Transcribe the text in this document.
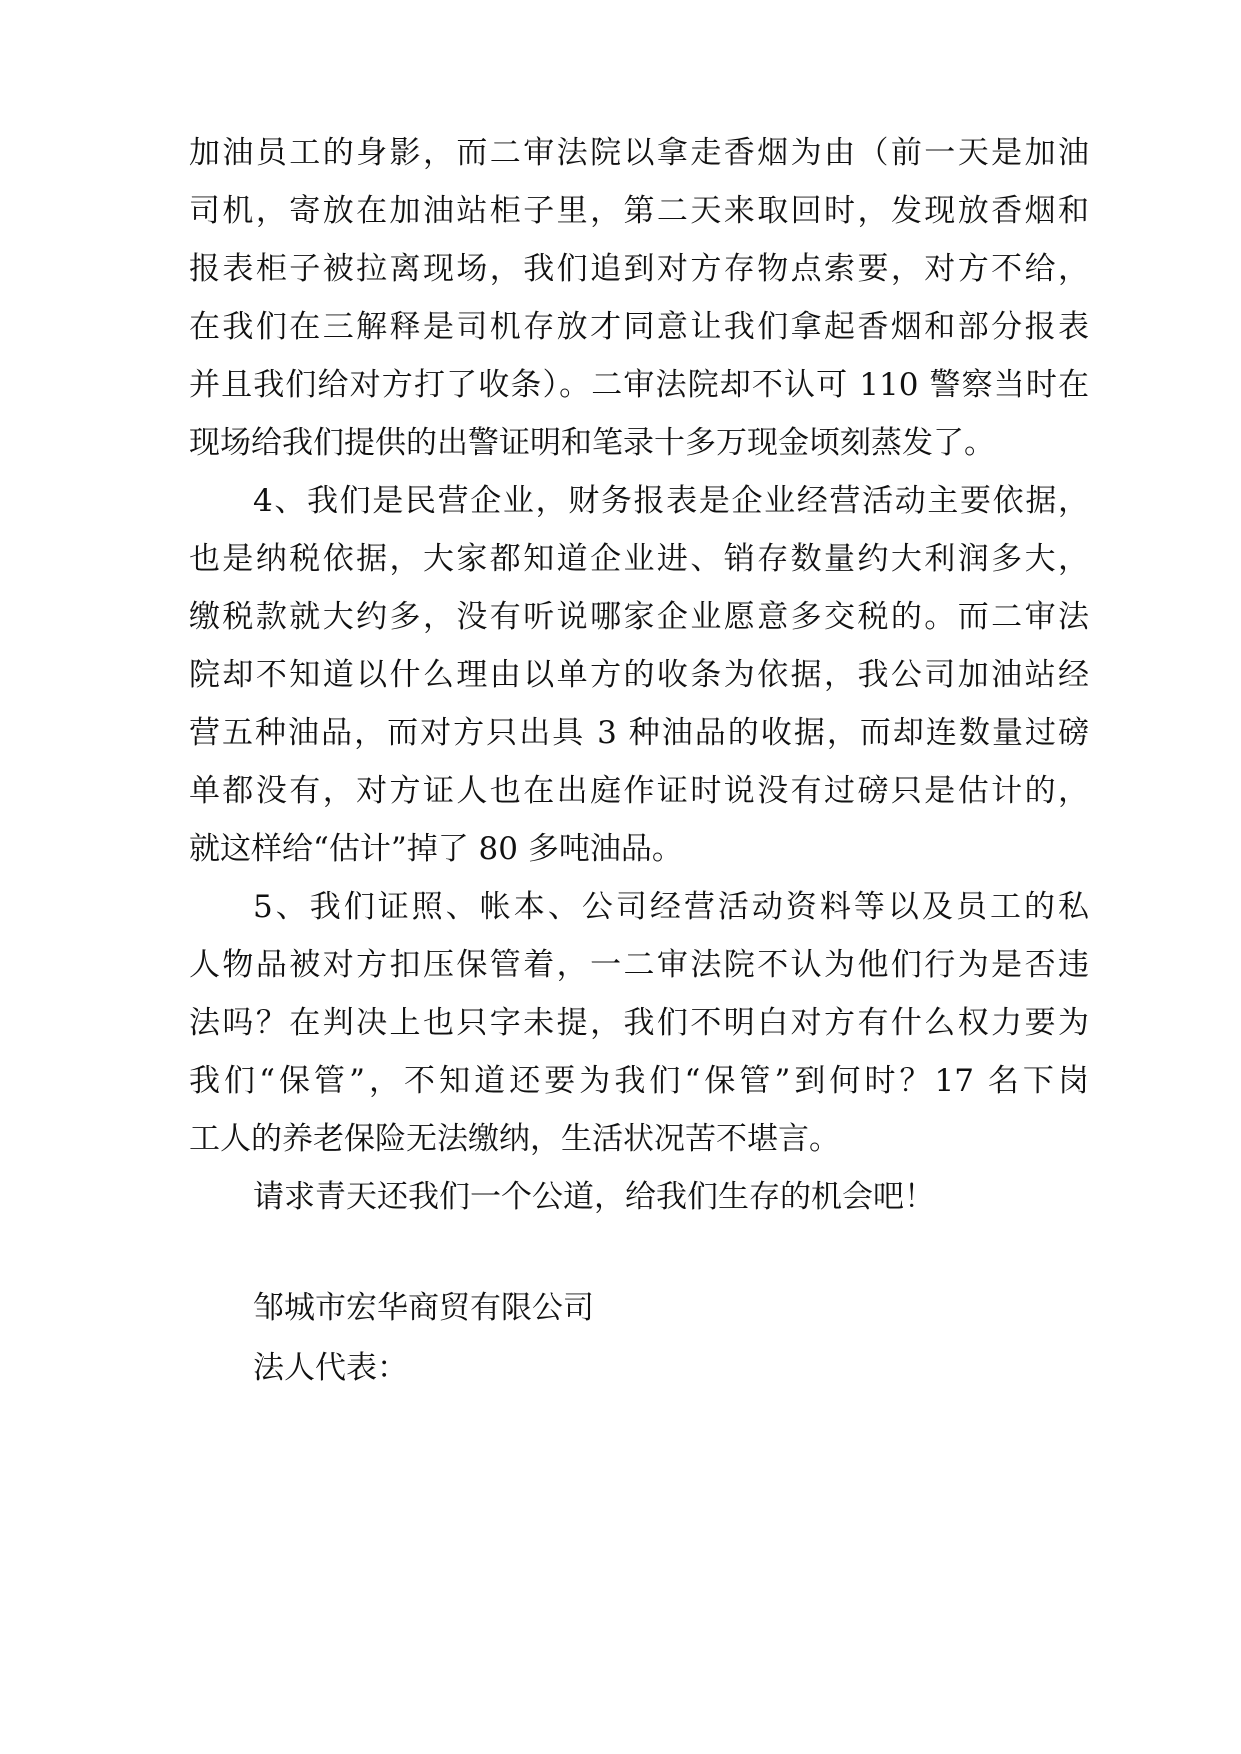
加油员工的身影，而二审法院以拿走香烟为由（前一天是加油
司机，寄放在加油站柜子里，第二天来取回时，发现放香烟和
报表柜子被拉离现场，我们追到对方存物点索要，对方不给，
在我们在三解释是司机存放才同意让我们拿起香烟和部分报表
并且我们给对方打了收条）。二审法院却不认可 110 警察当时在
现场给我们提供的出警证明和笔录十多万现金顷刻蒸发了。
4、我们是民营企业，财务报表是企业经营活动主要依据，
也是纳税依据，大家都知道企业进、销存数量约大利润多大，
缴税款就大约多，没有听说哪家企业愿意多交税的。而二审法
院却不知道以什么理由以单方的收条为依据，我公司加油站经
营五种油品，而对方只出具 3 种油品的收据，而却连数量过磅
单都没有，对方证人也在出庭作证时说没有过磅只是估计的，
就这样给“估计”掉了 80 多吨油品。
5、我们证照、帐本、公司经营活动资料等以及员工的私
人物品被对方扣压保管着，一二审法院不认为他们行为是否违
法吗？在判决上也只字未提，我们不明白对方有什么权力要为
我们“保管”，不知道还要为我们“保管”到何时？17 名下岗
工人的养老保险无法缴纳，生活状况苦不堪言。
请求青天还我们一个公道，给我们生存的机会吧！
邹城市宏华商贸有限公司
法人代表：
